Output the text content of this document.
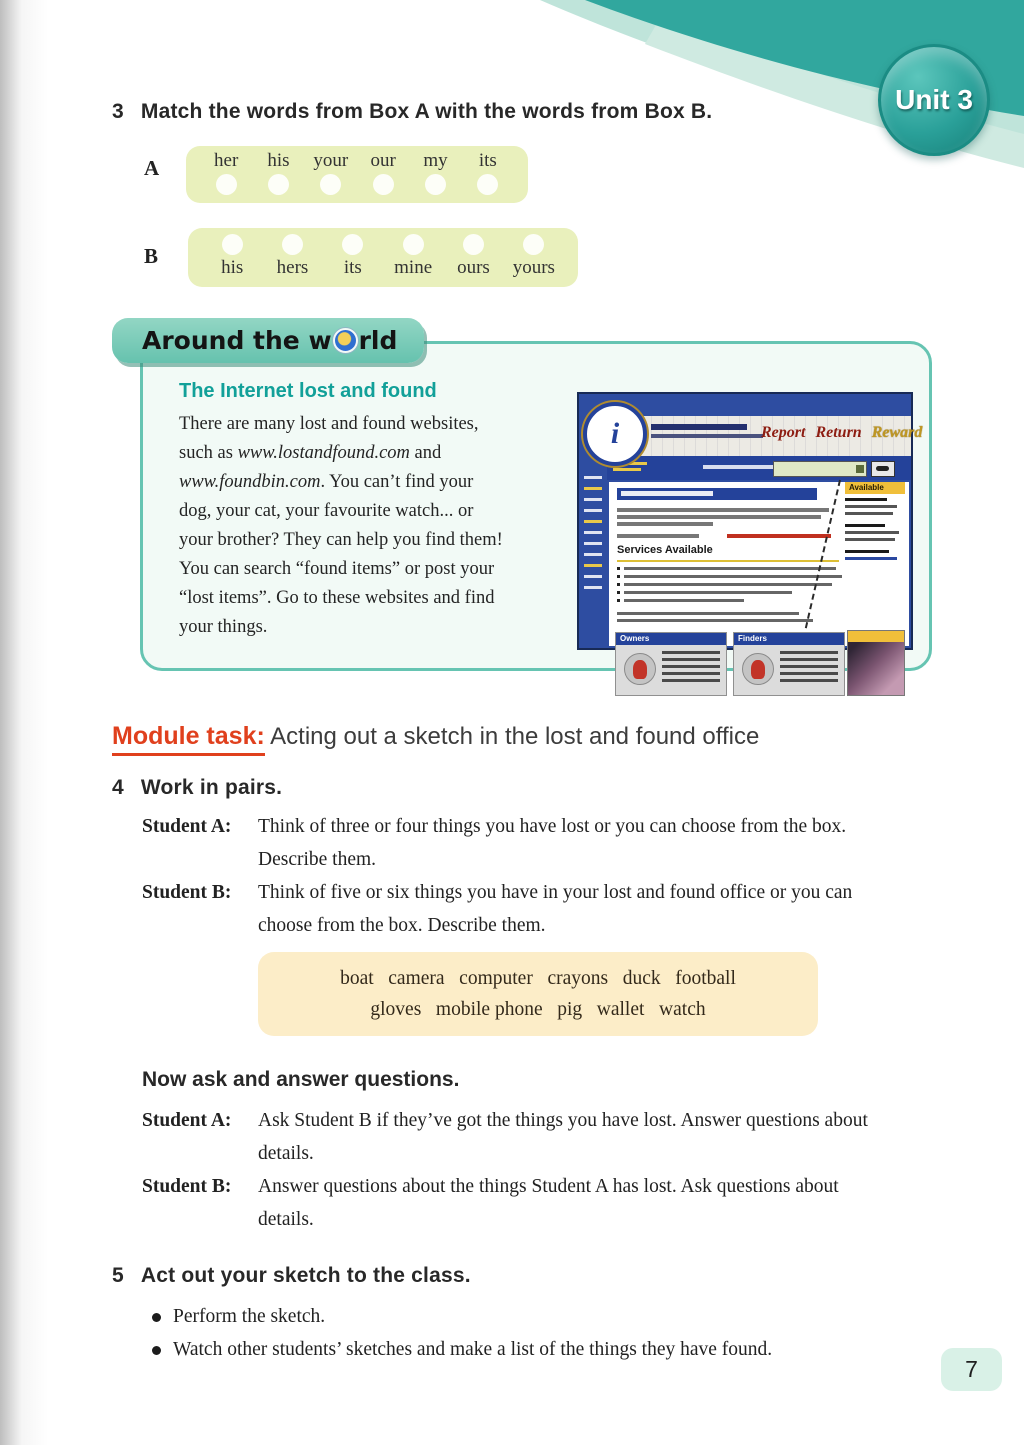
Unit 3
3 Match the words from Box A with the words from Box B.
A	her his your our my its
B	his hers its mine ours yours
Around the w rld
The Internet lost and found
There are many lost and found websites,
such as www.lostandfound.com and
www.foundbin.com. You can’t find your
dog, your cat, your favourite watch... or
your brother? They can help you find them!
You can search “found items” or post your
“lost items”. Go to these websites and find
your things.
i	Report Return Reward
Services Available
Owners	Finders
Available
Module task: Acting out a sketch in the lost and found office
4 Work in pairs.
Student A: Think of three or four things you have lost or you can choose from the box.
Describe them.
Student B: Think of five or six things you have in your lost and found office or you can
choose from the box. Describe them.
boat   camera   computer   crayons   duck   football
gloves   mobile phone   pig   wallet   watch
Now ask and answer questions.
Student A: Ask Student B if they’ve got the things you have lost. Answer questions about
details.
Student B: Answer questions about the things Student A has lost. Ask questions about
details.
5 Act out your sketch to the class.
Perform the sketch.
Watch other students’ sketches and make a list of the things they have found.
7
